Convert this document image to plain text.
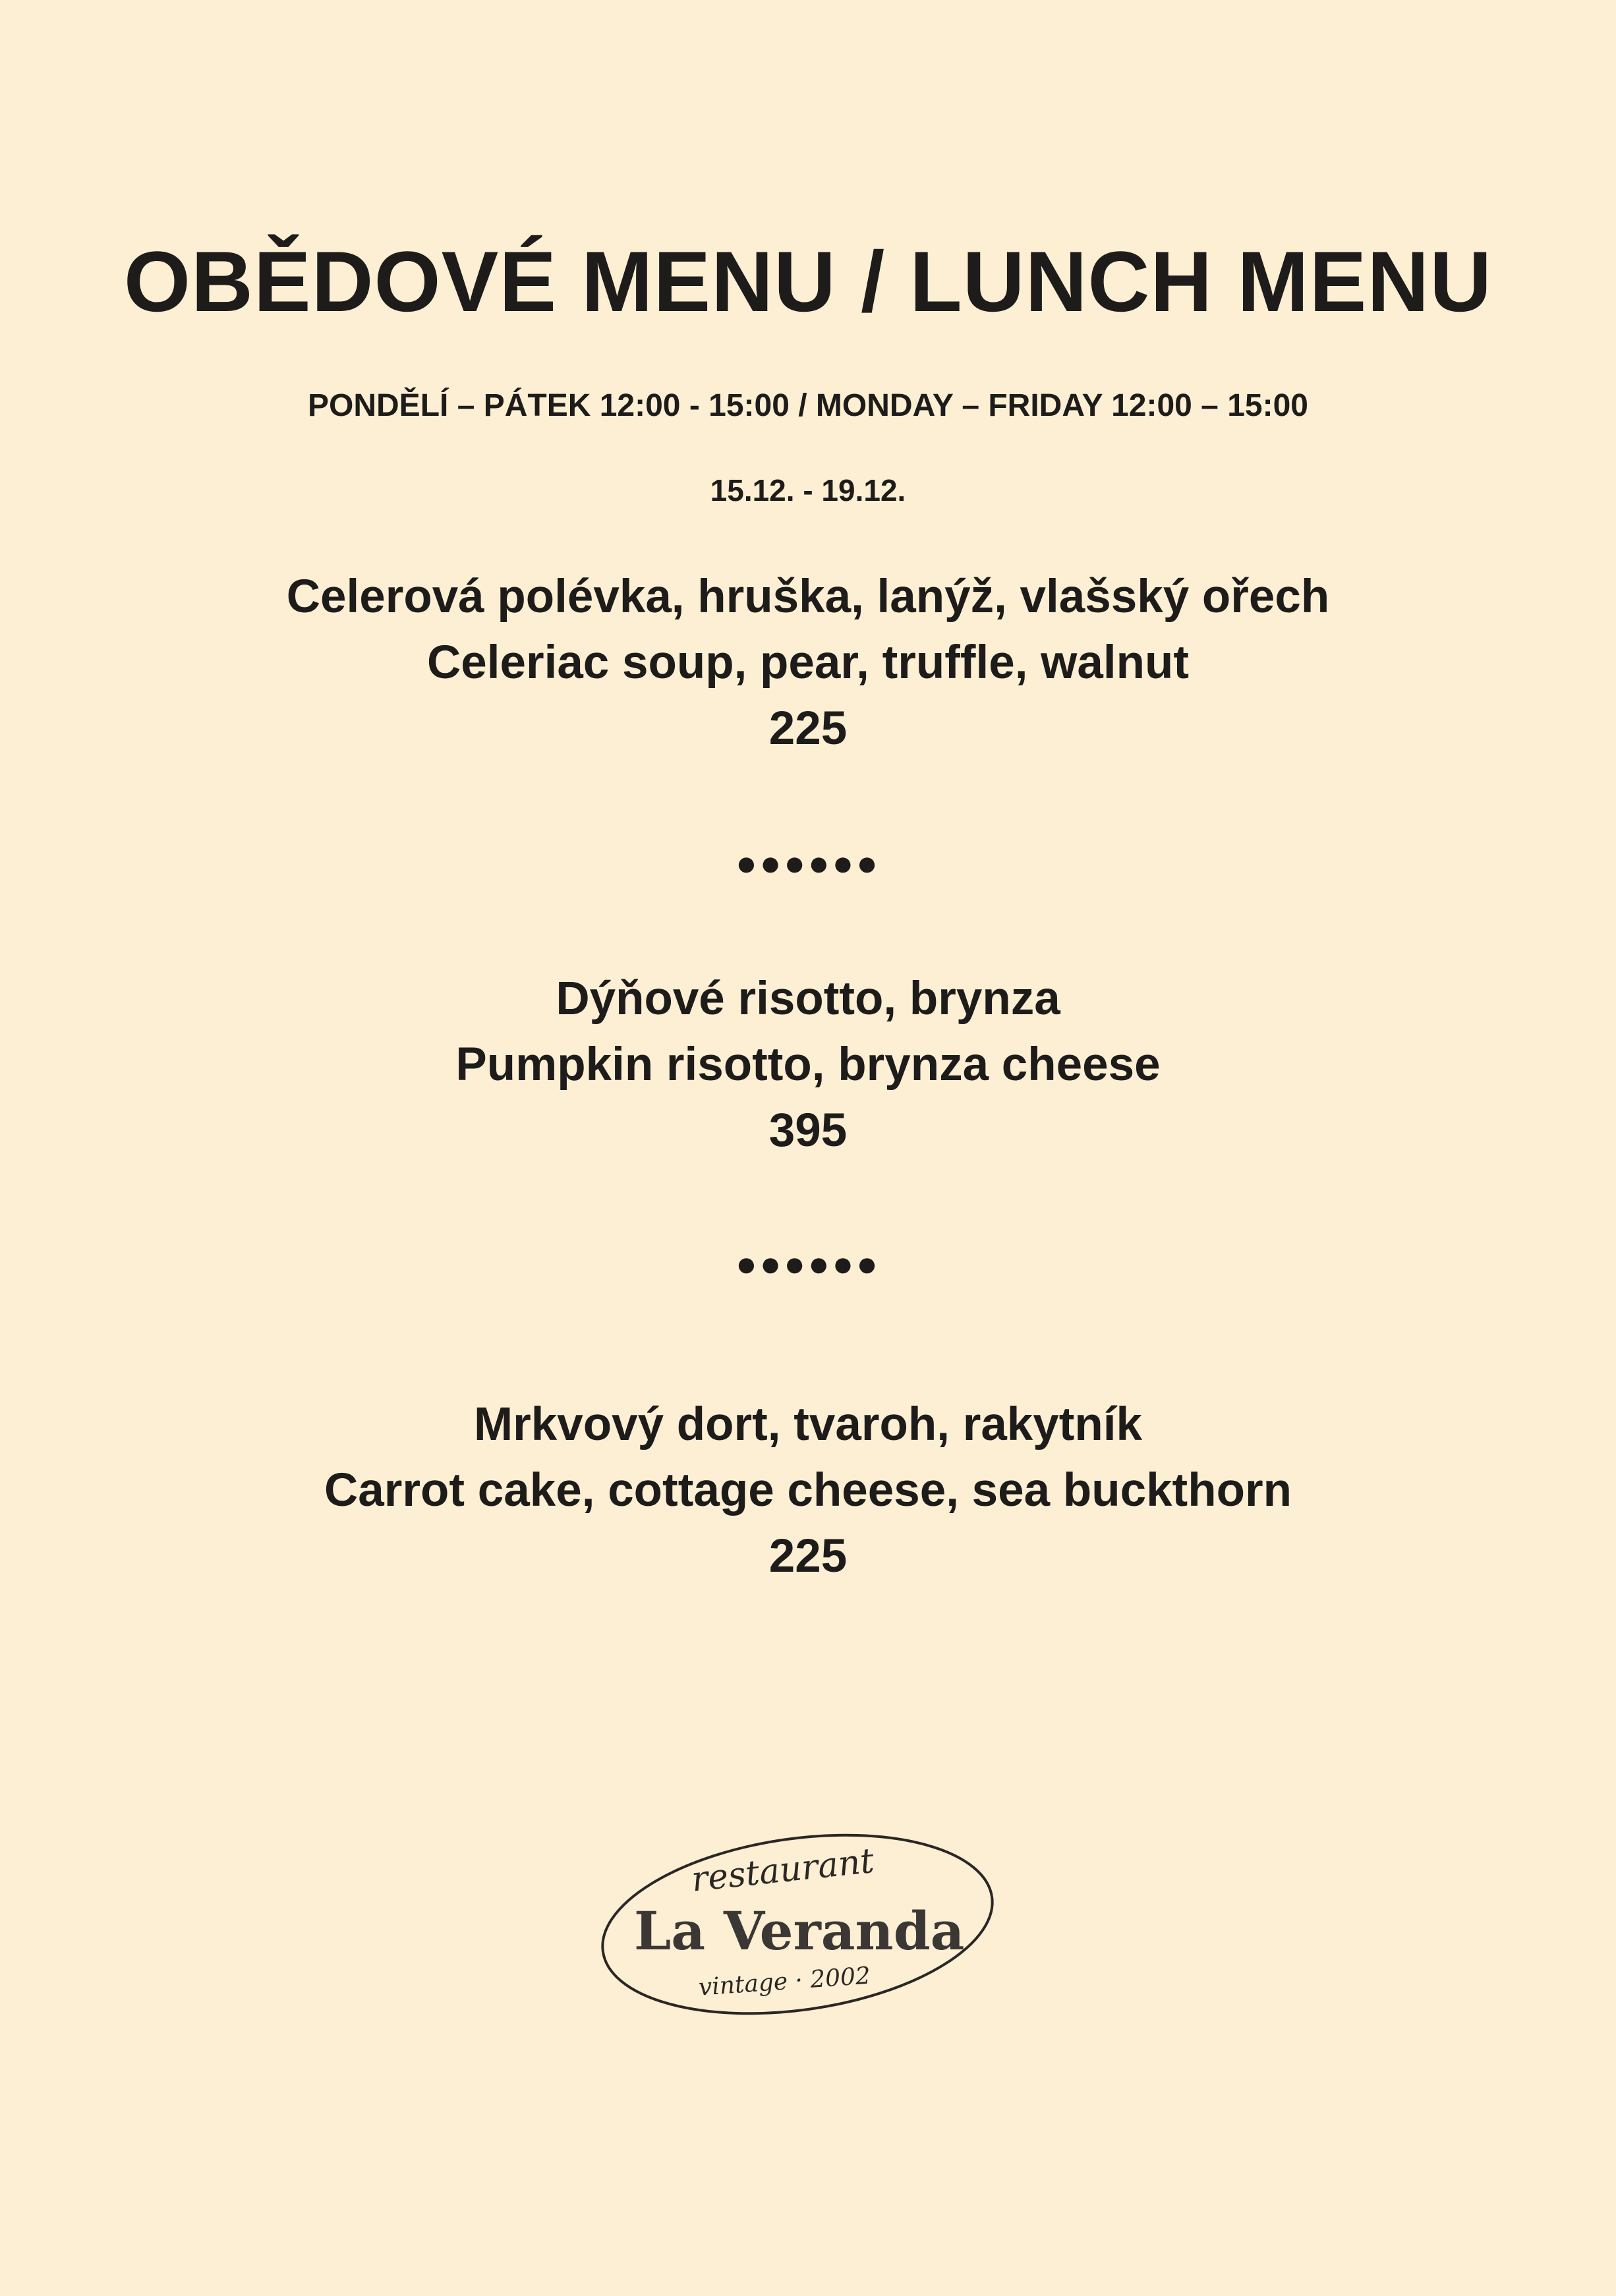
OBĚDOVÉ MENU / LUNCH MENU
PONDĚLÍ – PÁTEK 12:00 - 15:00 / MONDAY – FRIDAY 12:00 – 15:00
15.12. - 19.12.
Celerová polévka, hruška, lanýž, vlašský ořech
Celeriac soup, pear, truffle, walnut
225
●●●●●●
Dýňové risotto, brynza
Pumpkin risotto, brynza cheese
395
●●●●●●
Mrkvový dort, tvaroh, rakytník
Carrot cake, cottage cheese, sea buckthorn
225
restaurant
La Veranda
vintage · 2002
